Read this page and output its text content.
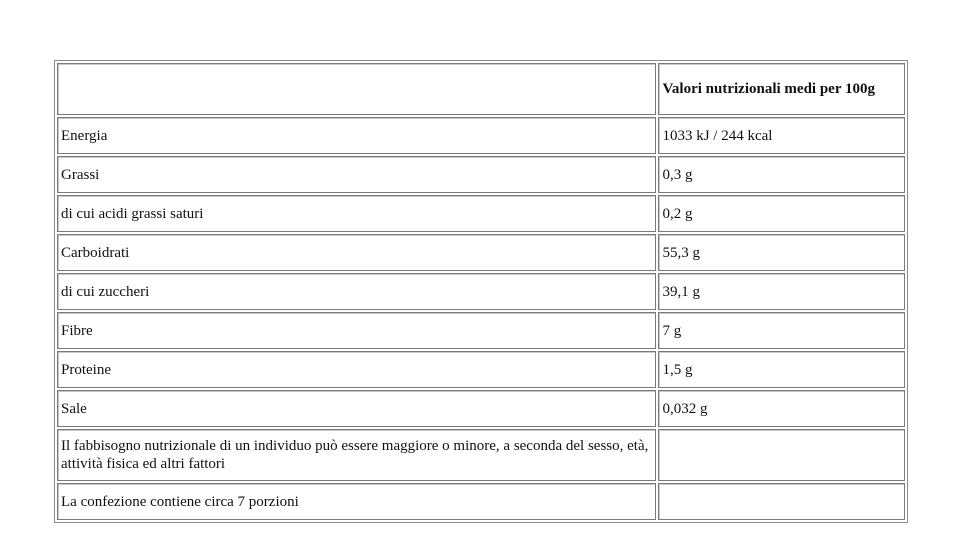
	Valori nutrizionali medi per 100g
Energia	1033 kJ / 244 kcal
Grassi	0,3 g
di cui acidi grassi saturi	0,2 g
Carboidrati	55,3 g
di cui zuccheri	39,1 g
Fibre	7 g
Proteine	1,5 g
Sale	0,032 g
Il fabbisogno nutrizionale di un individuo può essere maggiore o minore, a seconda del sesso, età, attività fisica ed altri fattori	
La confezione contiene circa 7 porzioni	
